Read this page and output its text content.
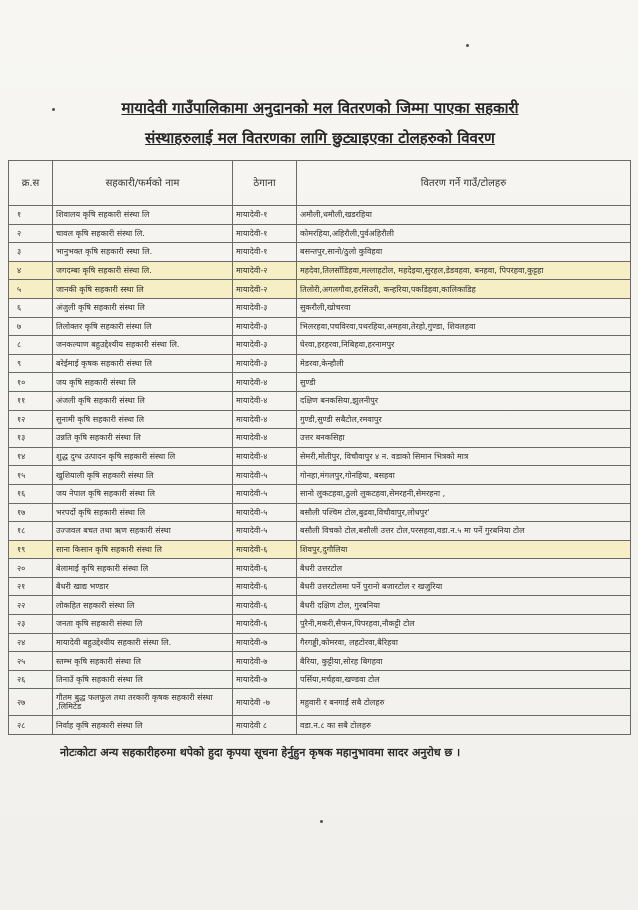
मायादेवी गाउँपालिकामा अनुदानको मल वितरणको जिम्मा पाएका सहकारी
संस्थाहरुलाई मल वितरणका लागि छुट्याइएका टोलहरुको विवरण
क्र.स	सहकारी/फर्मको नाम	ठेगाना	वितरण गर्ने गाउँ/टोलहरु
१	शिवालय कृषि सहकारी संस्था लि	मायादेवी-१	अमौली,धमौली,खडरहिया
२	चावल कृषि सहकारी संस्था लि.	मायादेवी-१	कोमरहिया,अहिरौली,पुर्वअहिरौली
३	भानुभक्त कृषि सहकारी स्स्था लि.	मायादेवी-१	बसन्तपुर,सानो/ठुलो कुविहवा
४	जगदम्बा कृषि सहकारी संस्था लि.	मायादेवी-२	महदेवा,तिलसाँडिहवा,मल्लाहटोल, महदेइया,सुरहल,डेडवहवा, बनहवा, पिपरहवा,कुट्टहा
५	जानकी कृषि सहकारी स्स्था लि	मायादेवी-२	तिलोरी,अगलगौवा,हरसिउरी, कन्हरिया,पकडिहवा,कालिकाडिह
६	अंजुली कृषि सहकारी संस्था लि	मायादेवी-३	सुकरौली,खोचरवा
७	तिलोक्तर कृषि सहकारी संस्था लि	मायादेवी-३	भिलरहवा,पचविरवा,पथरहिया,अमहवा,तेरहो,गुण्डा, शिवलहवा
८	जनकल्याण बहुउद्देश्यीय सहकारी संस्था लि.	मायादेवी-३	घेरवा,हरहरवा,निबिहवा,हरनामपुर
९	बरेईमाई कृषक सहकारी संस्था लि	मायादेवी-३	मेडरवा,केन्हौली
१०	जय कृषि सहकारी संस्था लि	मायादेवी-४	सुण्डी
११	अंजली कृषि सहकारी संस्था लि	मायादेवी-४	दक्षिण बनकसिया,झुलनीपुर
१२	सुनामी कृषि सहकारी संस्था लि	मायादेवी-४	गुण्डी,सुण्डी सबैटोल,रमवापुर
१३	उन्नति कृषि सहकारी संस्था लि	मायादेवी-४	उत्तर बनकसिहा
१४	शुद्ध दुग्ध उत्पादन कृषि सहकारी संस्था लि	मायादेवी-४	सेमरी,मोतीपुर, विचौवापुर ४ न. वडाको सिमान भित्रको मात्र
१५	खुशियाली कृषि सहकारी संस्था लि	मायादेवी-५	गोनहा,मंगलपुर,गोनहिया, बसहवा
१६	जय नेपाल कृषि सहकारी संस्था लि	मायादेवी-५	सानो लुकटहवा,ठुलो लुकटहवा,सेमरहनी,सेमरहना ,
१७	भरपर्दो कृषि सहकारी संस्था लि	मायादेवी-५	बसौली पश्चिम टोल,बुढवा,विचौवापुर,लोधपुर'
१८	उज्जवल बचत तथा ऋण सहकारी संस्था	मायादेवी-५	बसौली विचको टोल,बसौली उत्तर टोल,परसहवा,वडा.न.५ मा पर्ने गुरबनिया टोल
१९	साना किसान कृषि सहकारी संस्था लि	मायादेवी-६	शिवपुर,दुगौलिया
२०	बेलामाई कृषि सहकारी संस्था लि	मायादेवी-६	बैधरी उत्तरटोल
२१	बैधरी खाद्य भण्डार	मायादेवी-६	बैधरी उत्तरटोलमा पर्ने पुरानो बजारटोल र खजुरिया
२२	लोकहित सहकारी संस्था लि	मायादेवी-६	बैधरी दक्षिण टोल, गुरबनिया
२३	जनता कृषि सहकारी संस्था लि	मायादेवी-६	पुरैनी,मकरी,सैफन,पिपरहवा,नौकट्टी टोल
२४	मायादेवी बहुउद्देश्यीय सहकारी संस्था लि.	मायादेवी-७	गैरगड्डी,कोमरवा, लहटोरवा,बैरिहवा
२५	स्तम्भ कृषि सहकारी संस्था लि	मायादेवी-७	बैरिया, कुट्टीया,सोरह बिगहवा
२६	तिनाउँ कृषि सहकारी संस्था लि	मायादेवी-७	पर्सिया,मर्चहवा,खण्डवा टोल
२७	गौतम बुद्ध फलफुल तथा तरकारी कृषक सहकारी संस्था ,लिमिटेड	मायादेवी -७	महुवारी र बनगाईं सबै टोलहरु
२८	निर्वाह कृषि सहकारी संस्था लि	मायादेवी ८	वडा.न.८ का सबै टोलहरु
नोटःकोटा अन्य सहकारीहरुमा थपेको हुदा कृपया सूचना हेर्नुहुन कृषक महानुभावमा सादर अनुरोध छ ।
